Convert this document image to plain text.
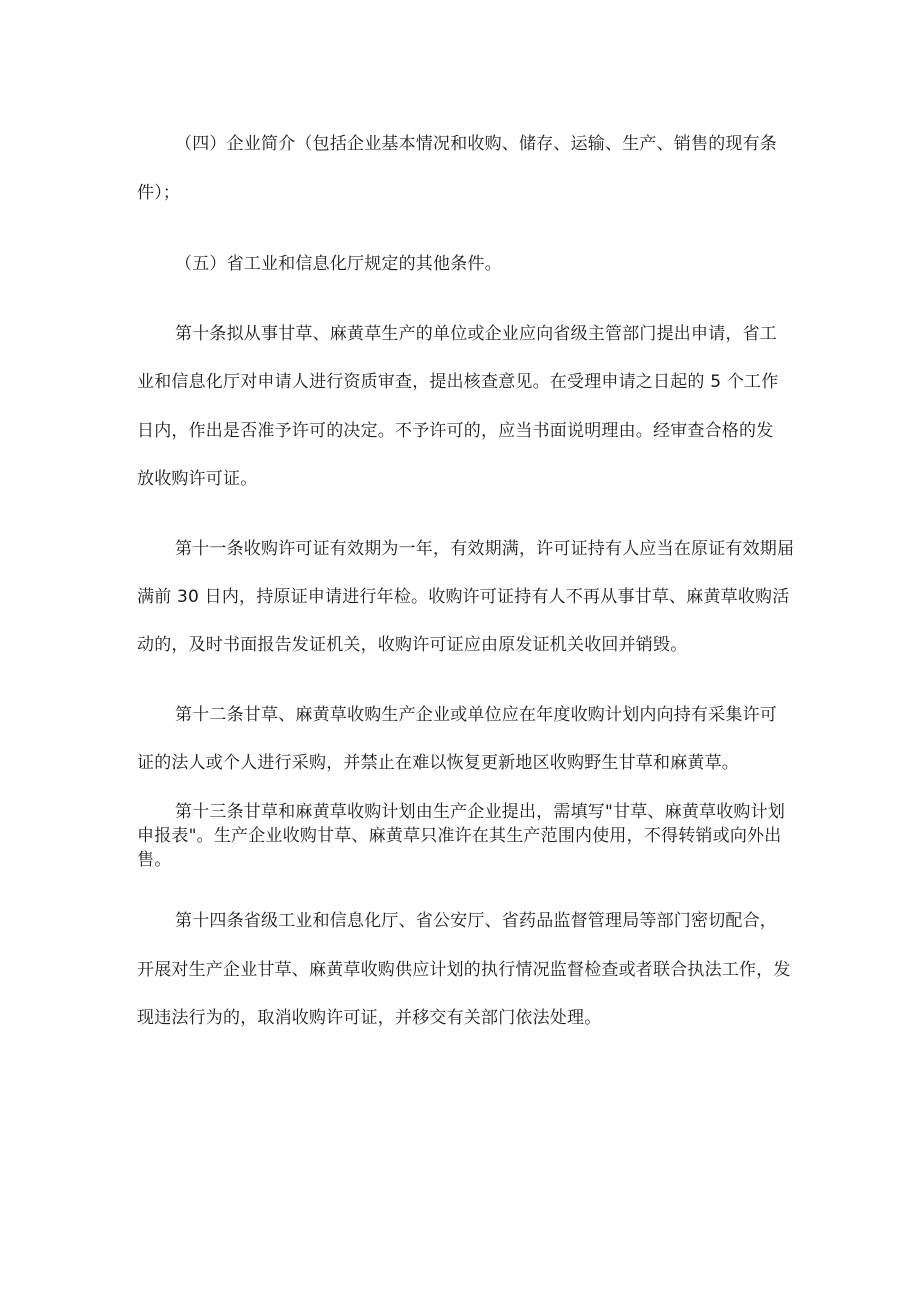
（四）企业简介（包括企业基本情况和收购、储存、运输、生产、销售的现有条
件）；
（五）省工业和信息化厅规定的其他条件。
第十条拟从事甘草、麻黄草生产的单位或企业应向省级主管部门提出申请，省工
业和信息化厅对申请人进行资质审查，提出核查意见。在受理申请之日起的 5 个工作
日内，作出是否准予许可的决定。不予许可的，应当书面说明理由。经审查合格的发
放收购许可证。
第十一条收购许可证有效期为一年，有效期满，许可证持有人应当在原证有效期届
满前 30 日内，持原证申请进行年检。收购许可证持有人不再从事甘草、麻黄草收购活
动的，及时书面报告发证机关，收购许可证应由原发证机关收回并销毁。
第十二条甘草、麻黄草收购生产企业或单位应在年度收购计划内向持有采集许可
证的法人或个人进行采购，并禁止在难以恢复更新地区收购野生甘草和麻黄草。
第十三条甘草和麻黄草收购计划由生产企业提出，需填写"甘草、麻黄草收购计划
申报表"。生产企业收购甘草、麻黄草只准许在其生产范围内使用，不得转销或向外出
售。
第十四条省级工业和信息化厅、省公安厅、省药品监督管理局等部门密切配合，
开展对生产企业甘草、麻黄草收购供应计划的执行情况监督检查或者联合执法工作，发
现违法行为的，取消收购许可证，并移交有关部门依法处理。
